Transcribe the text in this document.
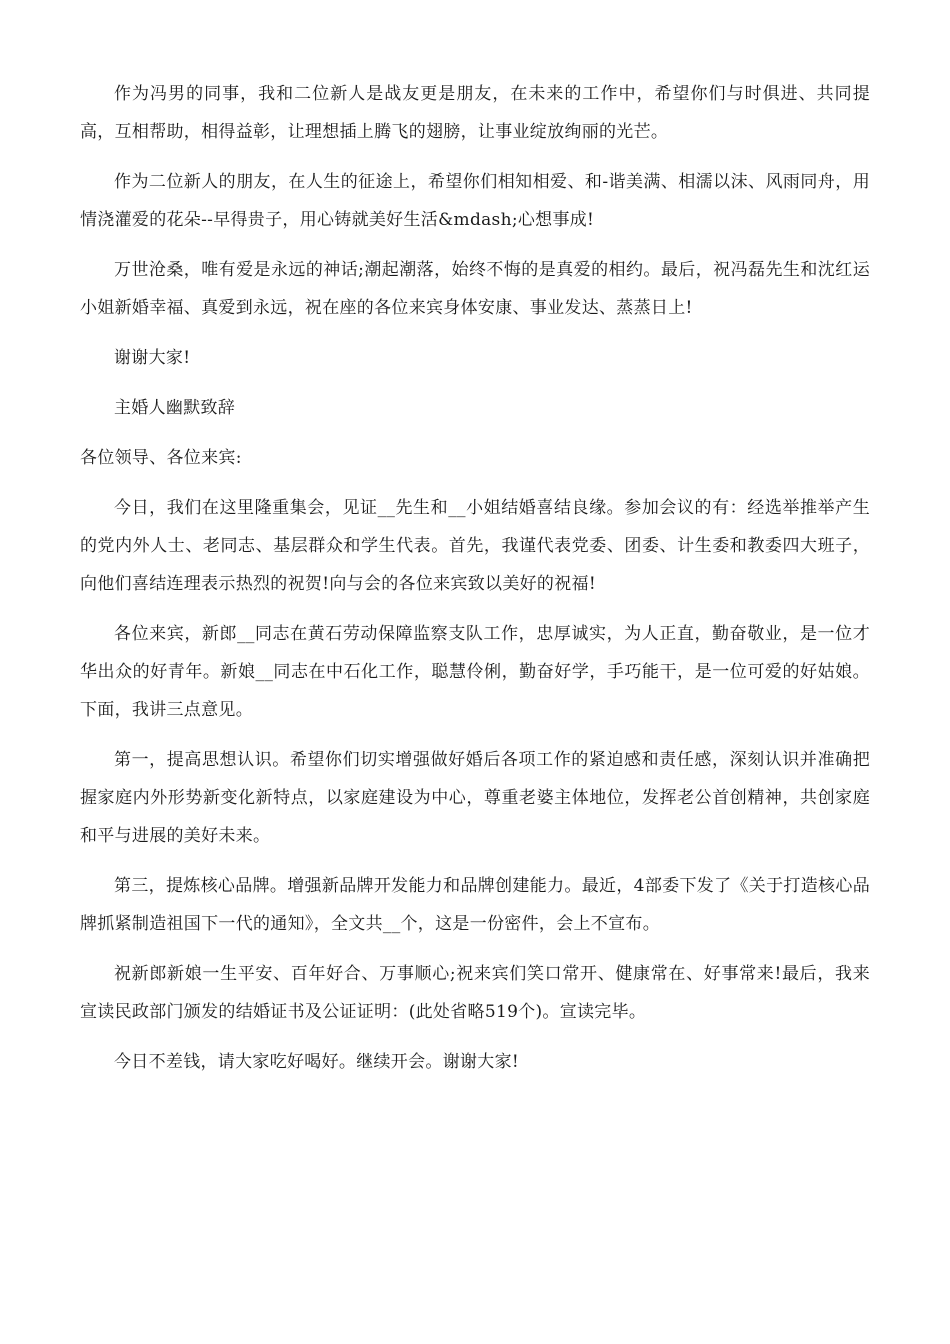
作为冯男的同事，我和二位新人是战友更是朋友，在未来的工作中，希望你们与时俱进、共同提高，互相帮助，相得益彰，让理想插上腾飞的翅膀，让事业绽放绚丽的光芒。

作为二位新人的朋友，在人生的征途上，希望你们相知相爱、和-谐美满、相濡以沫、风雨同舟，用情浇灌爱的花朵--早得贵子，用心铸就美好生活&mdash;心想事成!

万世沧桑，唯有爱是永远的神话;潮起潮落，始终不悔的是真爱的相约。最后，祝冯磊先生和沈红运小姐新婚幸福、真爱到永远，祝在座的各位来宾身体安康、事业发达、蒸蒸日上!

谢谢大家!

主婚人幽默致辞

各位领导、各位来宾:

今日，我们在这里隆重集会，见证__先生和__小姐结婚喜结良缘。参加会议的有：经选举推举产生的党内外人士、老同志、基层群众和学生代表。首先，我谨代表党委、团委、计生委和教委四大班子，向他们喜结连理表示热烈的祝贺!向与会的各位来宾致以美好的祝福!

各位来宾，新郎__同志在黄石劳动保障监察支队工作，忠厚诚实，为人正直，勤奋敬业，是一位才华出众的好青年。新娘__同志在中石化工作，聪慧伶俐，勤奋好学，手巧能干，是一位可爱的好姑娘。下面，我讲三点意见。

第一，提高思想认识。希望你们切实增强做好婚后各项工作的紧迫感和责任感，深刻认识并准确把握家庭内外形势新变化新特点，以家庭建设为中心，尊重老婆主体地位，发挥老公首创精神，共创家庭和平与进展的美好未来。

第三，提炼核心品牌。增强新品牌开发能力和品牌创建能力。最近，4部委下发了《关于打造核心品牌抓紧制造祖国下一代的通知》，全文共__个，这是一份密件，会上不宣布。

祝新郎新娘一生平安、百年好合、万事顺心;祝来宾们笑口常开、健康常在、好事常来!最后，我来宣读民政部门颁发的结婚证书及公证证明：(此处省略519个)。宣读完毕。

今日不差钱，请大家吃好喝好。继续开会。谢谢大家!
